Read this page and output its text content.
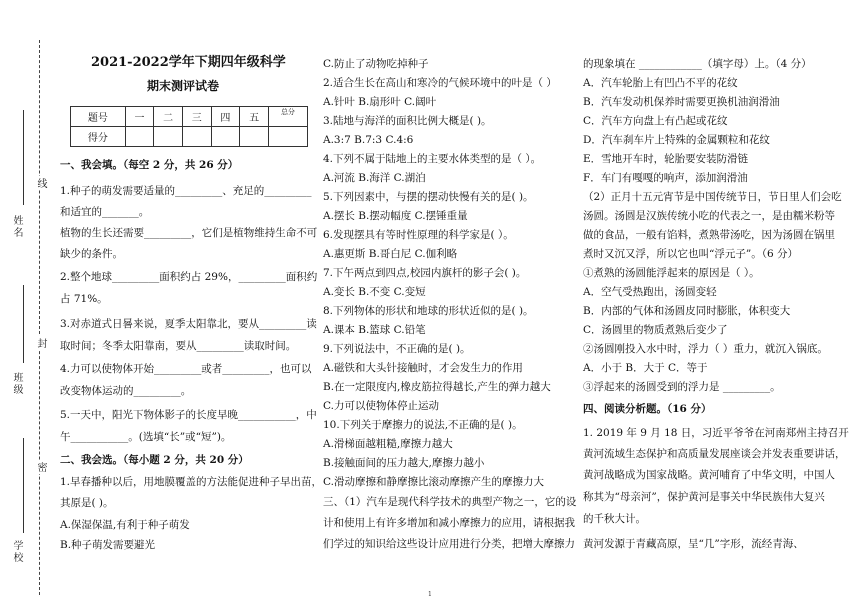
线
封
密
姓名
班级
学校
2021-2022学年下期四年级科学
期末测评试卷
题号	一	二	三	四	五	总分
得分						
一、我会填。（每空 2 分，共 26 分）
1.种子的萌发需要适量的_________、充足的_________
和适宜的_______。
植物的生长还需要_________，它们是植物维持生命不可
缺少的条件。
2.整个地球_________面积约占 29%，_________面积约
占 71%。
3.对赤道式日晷来说，夏季太阳靠北，要从_________读
取时间；冬季太阳靠南，要从_________读取时间。
4.力可以使物体开始_________或者_________，也可以
改变物体运动的_________。
5.一天中，阳光下物体影子的长度早晚___________，中
午___________。(选填“长”或“短”)。
二、我会选。（每小题 2 分，共 20 分）
1.早春播种以后，用地膜覆盖的方法能促进种子早出苗，
其原是( )。
A.保湿保温,有利于种子萌发
B.种子萌发需要避光
C.防止了动物吃掉种子
2.适合生长在高山和寒冷的气候环境中的叶是（ ）
A.针叶 B.扇形叶 C.阔叶
3.陆地与海洋的面积比例大概是( )。
A.3:7 B.7:3 C.4:6
4.下列不属于陆地上的主要水体类型的是（ ）。
A.河流 B.海洋 C.湖泊
5.下列因素中，与摆的摆动快慢有关的是( )。
A.摆长 B.摆动幅度 C.摆锤重量
6.发现摆具有等时性原理的科学家是( ）。
A.惠更斯 B.哥白尼 C.伽利略
7.下午两点到四点,校园内旗杆的影子会( )。
A.变长 B.不变 C.变短
8.下列物体的形状和地球的形状近似的是( )。
A.课本 B.篮球 C.铅笔
9.下列说法中，不正确的是( )。
A.磁铁和大头针接触时，才会发生力的作用
B.在一定限度内,橡皮筋拉得越长,产生的弹力越大
C.力可以使物体停止运动
10.下列关于摩擦力的说法,不正确的是( )。
A.滑梯面越粗糙,摩擦力越大
B.接触面间的压力越大,摩擦力越小
C.滑动摩擦和静摩擦比滚动摩擦产生的摩擦力大
三、（1）汽车是现代科学技术的典型产物之一，它的设
计和使用上有许多增加和减小摩擦力的应用，请根据我
们学过的知识给这些设计应用进行分类，把增大摩擦力
的现象填在 ____________（填字母）上。（4 分）
A．汽车轮胎上有凹凸不平的花纹
B．汽车发动机保养时需要更换机油润滑油
C．汽车方向盘上有凸起或花纹
D．汽车刹车片上特殊的金属颗粒和花纹
E．雪地开车时，轮胎要安装防滑链
F．车门有嘎嘎的响声，添加润滑油
（2）正月十五元宵节是中国传统节日，节日里人们会吃
汤圆。汤圆是汉族传统小吃的代表之一，是由糯米粉等
做的食品，一般有馅料，煮熟带汤吃，因为汤圆在锅里
煮时又沉又浮，所以它也叫“浮元子”。（6 分）
①煮熟的汤圆能浮起来的原因是（ ）。
A．空气受热跑出，汤圆变轻
B．内部的气体和汤圆皮同时膨胀，体积变大
C．汤圆里的物质煮熟后变少了
②汤圆刚投入水中时，浮力（ ）重力，就沉入锅底。
A．小于 B．大于 C．等于
③浮起来的汤圆受到的浮力是 _________。
四、阅读分析题。（16 分）
1. 2019 年 9 月 18 日，习近平爷爷在河南郑州主持召开
黄河流域生态保护和高质量发展座谈会并发表重要讲话，
黄河战略成为国家战略。黄河哺育了中华文明，中国人
称其为“母亲河”，保护黄河是事关中华民族伟大复兴
的千秋大计。
黄河发源于青藏高原，呈“几”字形，流经青海、
1
